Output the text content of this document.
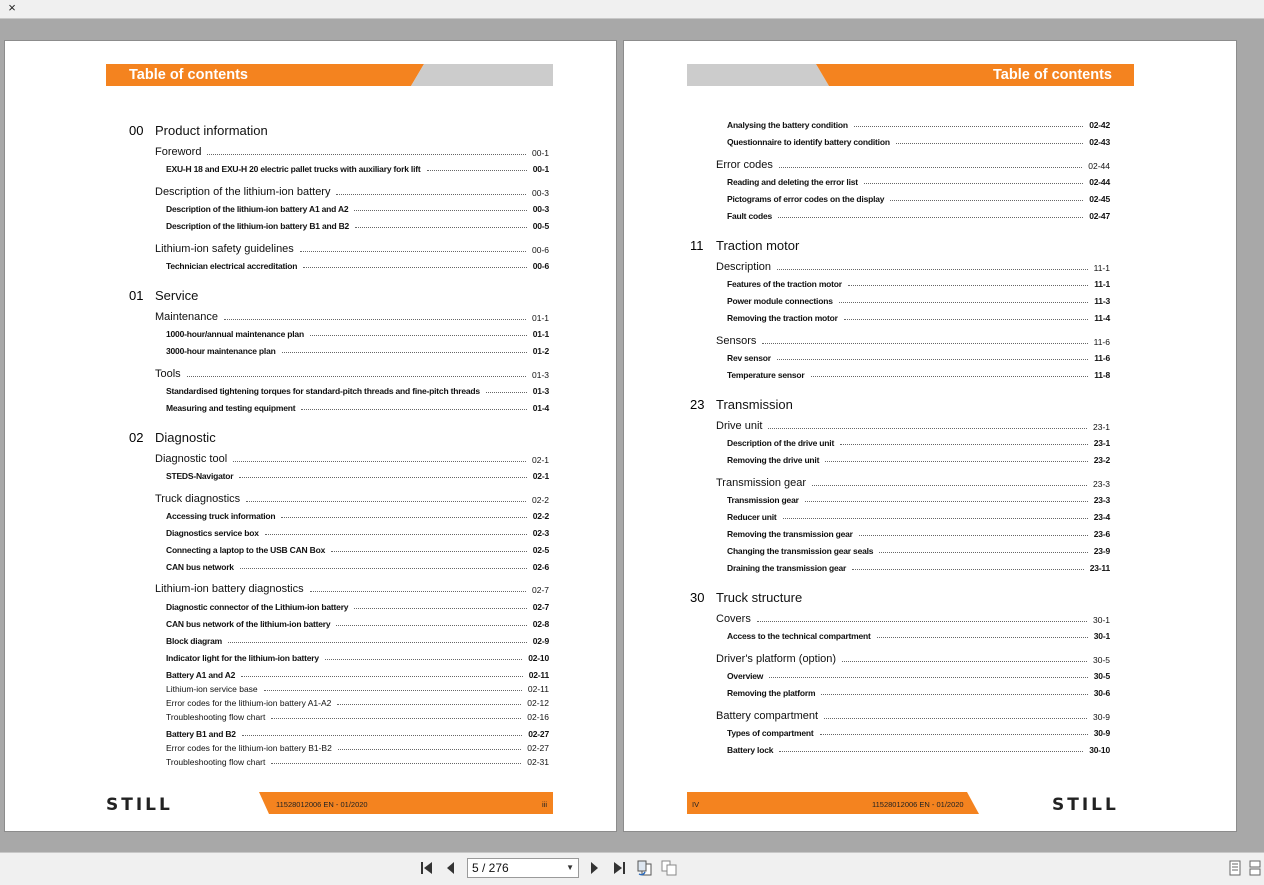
×
Table of contents
00 Product information
Foreword	00-1
EXU-H 18 and EXU-H 20 electric pallet trucks with auxiliary fork lift	00-1
Description of the lithium-ion battery	00-3
Description of the lithium-ion battery A1 and A2	00-3
Description of the lithium-ion battery B1 and B2	00-5
Lithium-ion safety guidelines	00-6
Technician electrical accreditation	00-6
01 Service
Maintenance	01-1
1000-hour/annual maintenance plan	01-1
3000-hour maintenance plan	01-2
Tools	01-3
Standardised tightening torques for standard-pitch threads and fine-pitch threads	01-3
Measuring and testing equipment	01-4
02 Diagnostic
Diagnostic tool	02-1
STEDS-Navigator	02-1
Truck diagnostics	02-2
Accessing truck information	02-2
Diagnostics service box	02-3
Connecting a laptop to the USB CAN Box	02-5
CAN bus network	02-6
Lithium-ion battery diagnostics	02-7
Diagnostic connector of the Lithium-ion battery	02-7
CAN bus network of the lithium-ion battery	02-8
Block diagram	02-9
Indicator light for the lithium-ion battery	02-10
Battery A1 and A2	02-11
Lithium-ion service base	02-11
Error codes for the lithium-ion battery A1-A2	02-12
Troubleshooting flow chart	02-16
Battery B1 and B2	02-27
Error codes for the lithium-ion battery B1-B2	02-27
Troubleshooting flow chart	02-31
STILL	11528012006 EN - 01/2020	iii
Table of contents
Analysing the battery condition	02-42
Questionnaire to identify battery condition	02-43
Error codes	02-44
Reading and deleting the error list	02-44
Pictograms of error codes on the display	02-45
Fault codes	02-47
11 Traction motor
Description	11-1
Features of the traction motor	11-1
Power module connections	11-3
Removing the traction motor	11-4
Sensors	11-6
Rev sensor	11-6
Temperature sensor	11-8
23 Transmission
Drive unit	23-1
Description of the drive unit	23-1
Removing the drive unit	23-2
Transmission gear	23-3
Transmission gear	23-3
Reducer unit	23-4
Removing the transmission gear	23-6
Changing the transmission gear seals	23-9
Draining the transmission gear	23-11
30 Truck structure
Covers	30-1
Access to the technical compartment	30-1
Driver's platform (option)	30-5
Overview	30-5
Removing the platform	30-6
Battery compartment	30-9
Types of compartment	30-9
Battery lock	30-10
IV	11528012006 EN - 01/2020	STILL
5 / 276	▼
